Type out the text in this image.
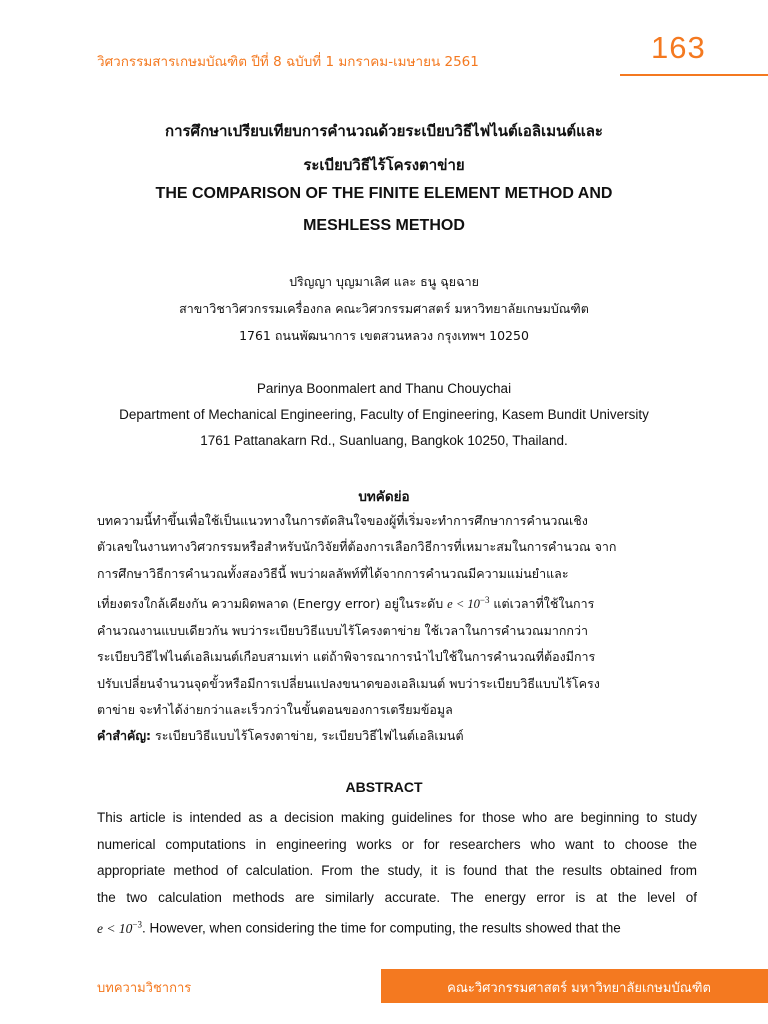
วิศวกรรมสารเกษมบัณฑิต ปีที่ 8 ฉบับที่ 1 มกราคม-เมษายน 2561	163
การศึกษาเปรียบเทียบการคำนวณด้วยระเบียบวิธีไฟไนต์เอลิเมนต์และ
ระเบียบวิธีไร้โครงตาข่าย
THE COMPARISON OF THE FINITE ELEMENT METHOD AND
MESHLESS METHOD
ปริญญา บุญมาเลิศ และ ธนู ฉุยฉาย
สาขาวิชาวิศวกรรมเครื่องกล คณะวิศวกรรมศาสตร์ มหาวิทยาลัยเกษมบัณฑิต
1761 ถนนพัฒนาการ เขตสวนหลวง กรุงเทพฯ 10250
Parinya Boonmalert and Thanu Chouychai
Department of Mechanical Engineering, Faculty of Engineering, Kasem Bundit University
1761 Pattanakarn Rd., Suanluang, Bangkok 10250, Thailand.
บทคัดย่อ
บทความนี้ทำขึ้นเพื่อใช้เป็นแนวทางในการตัดสินใจของผู้ที่เริ่มจะทำการศึกษาการคำนวณเชิง
ตัวเลขในงานทางวิศวกรรมหรือสำหรับนักวิจัยที่ต้องการเลือกวิธีการที่เหมาะสมในการคำนวณ จาก
การศึกษาวิธีการคำนวณทั้งสองวิธีนี้ พบว่าผลลัพท์ที่ได้จากการคำนวณมีความแม่นยำและ
เที่ยงตรงใกล้เคียงกัน ความผิดพลาด (Energy error) อยู่ในระดับ $e < 10^{-3}$ แต่เวลาที่ใช้ในการ
คำนวณงานแบบเดียวกัน พบว่าระเบียบวิธีแบบไร้โครงตาข่าย ใช้เวลาในการคำนวณมากกว่า
ระเบียบวิธีไฟไนต์เอลิเมนต์เกือบสามเท่า แต่ถ้าพิจารณาการนำไปใช้ในการคำนวณที่ต้องมีการ
ปรับเปลี่ยนจำนวนจุดขั้วหรือมีการเปลี่ยนแปลงขนาดของเอลิเมนต์ พบว่าระเบียบวิธีแบบไร้โครง
ตาข่าย จะทำได้ง่ายกว่าและเร็วกว่าในขั้นตอนของการเตรียมข้อมูล
คำสำคัญ: ระเบียบวิธีแบบไร้โครงตาข่าย, ระเบียบวิธีไฟไนต์เอลิเมนต์
ABSTRACT
This article is intended as a decision making guidelines for those who are beginning to study
numerical computations in engineering works or for researchers who want to choose the
appropriate method of calculation. From the study, it is found that the results obtained from
the two calculation methods are similarly accurate. The energy error is at the level of
$e < 10^{-3}$. However, when considering the time for computing, the results showed that the
บทความวิชาการ	คณะวิศวกรรมศาสตร์ มหาวิทยาลัยเกษมบัณฑิต
